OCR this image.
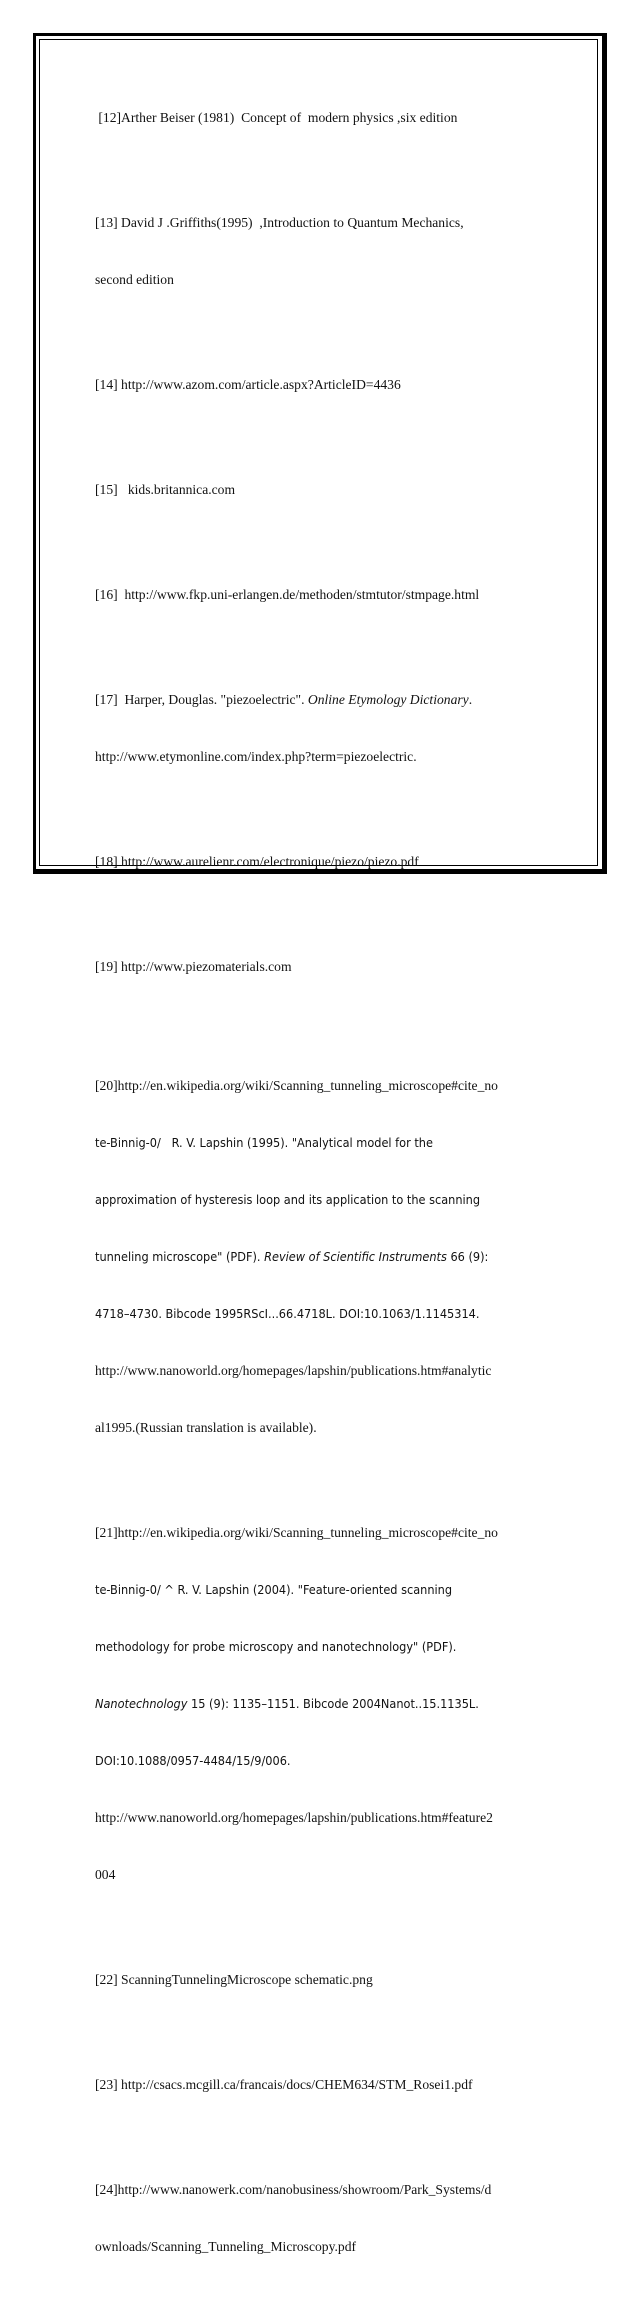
[12]Arther Beiser (1981)  Concept of  modern physics ,six edition

[13] David J .Griffiths(1995)  ,Introduction to Quantum Mechanics,

second edition

[14] http://www.azom.com/article.aspx?ArticleID=4436

[15]   kids.britannica.com

[16]  http://www.fkp.uni-erlangen.de/methoden/stmtutor/stmpage.html

[17]  Harper, Douglas. "piezoelectric". Online Etymology Dictionary.

http://www.etymonline.com/index.php?term=piezoelectric.

[18] http://www.aurelienr.com/electronique/piezo/piezo.pdf

[19] http://www.piezomaterials.com

[20]http://en.wikipedia.org/wiki/Scanning_tunneling_microscope#cite_no

te-Binnig-0/   R. V. Lapshin (1995). "Analytical model for the

approximation of hysteresis loop and its application to the scanning

tunneling microscope" (PDF). Review of Scientific Instruments 66 (9):

4718–4730. Bibcode 1995RScI...66.4718L. DOI:10.1063/1.1145314.

http://www.nanoworld.org/homepages/lapshin/publications.htm#analytic

al1995.(Russian translation is available).

[21]http://en.wikipedia.org/wiki/Scanning_tunneling_microscope#cite_no

te-Binnig-0/ ^ R. V. Lapshin (2004). "Feature-oriented scanning

methodology for probe microscopy and nanotechnology" (PDF).

Nanotechnology 15 (9): 1135–1151. Bibcode 2004Nanot..15.1135L.

DOI:10.1088/0957-4484/15/9/006.

http://www.nanoworld.org/homepages/lapshin/publications.htm#feature2

004

[22] ScanningTunnelingMicroscope schematic.png

[23] http://csacs.mcgill.ca/francais/docs/CHEM634/STM_Rosei1.pdf

[24]http://www.nanowerk.com/nanobusiness/showroom/Park_Systems/d

ownloads/Scanning_Tunneling_Microscopy.pdf
